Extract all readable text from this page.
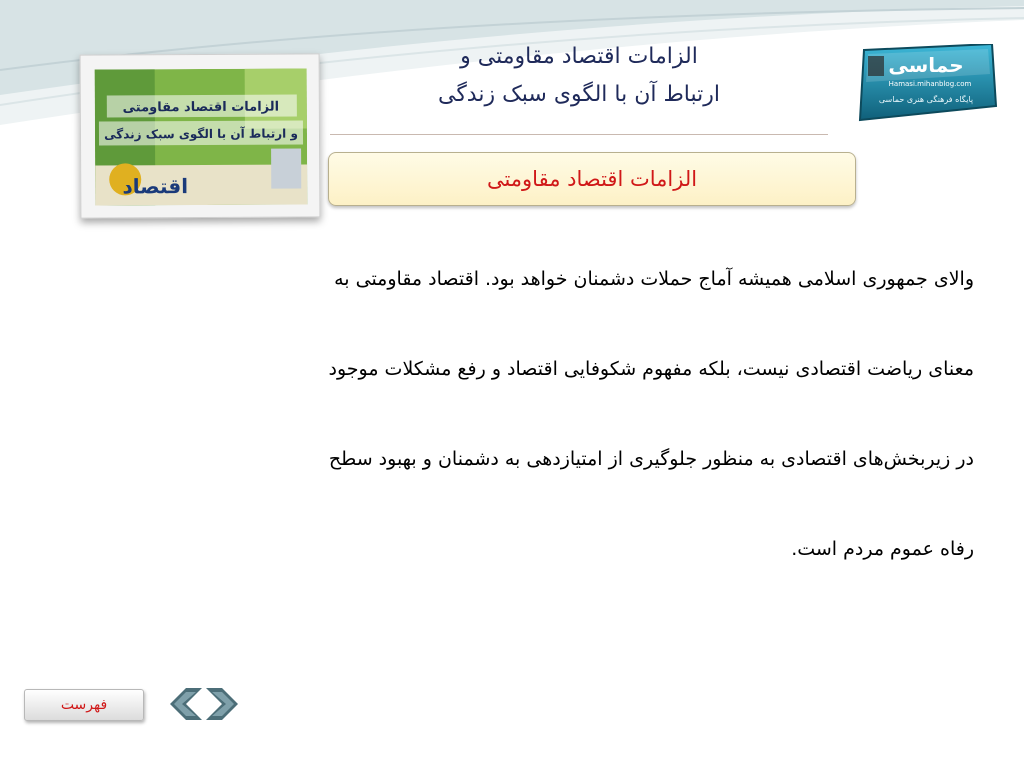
الزامات اقتصاد مقاومتی و
ارتباط آن با الگوی سبک زندگی
الزامات اقتصاد مقاومتی
الزامات اقتصاد مقاومتی
و ارتباط آن با الگوی سبک زندگی
اقتصاد
حماسی
Hamasi.mihanblog.com
پایگاه فرهنگی هنری حماسی
والای جمهوری اسلامی همیشه آماج حملات دشمنان خواهد بود. اقتصاد مقاومتی به
معنای ریاضت اقتصادی نیست، بلکه مفهوم شکوفایی اقتصاد و رفع مشکلات موجود
در زیربخش‌های اقتصادی به منظور جلوگیری از امتیازدهی به دشمنان و بهبود سطح
رفاه عموم مردم است.
فهرست
